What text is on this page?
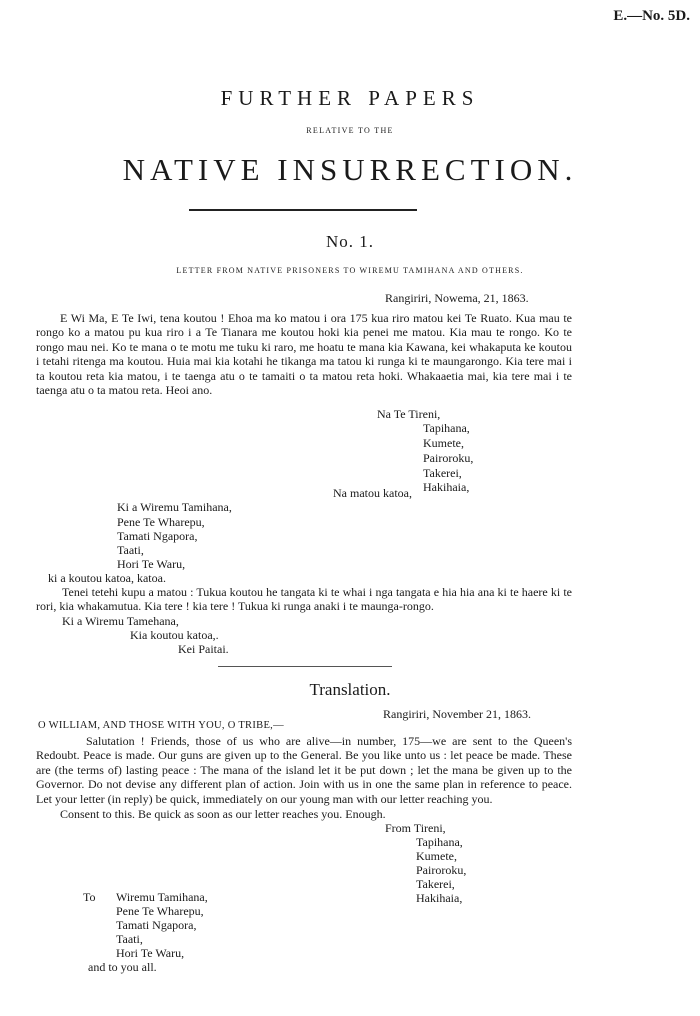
E.—No. 5D.
FURTHER PAPERS
RELATIVE TO THE
NATIVE INSURRECTION.
No. 1.
LETTER FROM NATIVE PRISONERS TO WIREMU TAMIHANA AND OTHERS.
Rangiriri, Nowema, 21, 1863.
E Wi Ma, E Te Iwi, tena koutou ! Ehoa ma ko matou i ora 175 kua riro matou kei Te Ruato. Kua mau te rongo ko a matou pu kua riro i a Te Tianara me koutou hoki kia penei me matou. Kia mau te rongo. Ko te rongo mau nei. Ko te mana o te motu me tuku ki raro, me hoatu te mana kia Kawana, kei whakaputa ke koutou i tetahi ritenga ma koutou. Huia mai kia kotahi he tikanga ma tatou ki runga ki te maungarongo. Kia tere mai i ta koutou reta kia matou, i te taenga atu o te tamaiti o ta matou reta hoki. Whakaaetia mai, kia tere mai i te taenga atu o ta matou reta. Heoi ano.
Na Te Tireni,
Tapihana,
Kumete,
Pairoroku,
Takerei,
Hakihaia,
Na matou katoa,
Ki a Wiremu Tamihana,
Pene Te Wharepu,
Tamati Ngapora,
Taati,
Hori Te Waru,
ki a koutou katoa, katoa.
Tenei tetehi kupu a matou : Tukua koutou he tangata ki te whai i nga tangata e hia hia ana ki te haere ki te rori, kia whakamutua. Kia tere ! kia tere ! Tukua ki runga anaki i te maunga-rongo.
Ki a Wiremu Tamehana,
Kia koutou katoa,.
Kei Paitai.
Translation.
Rangiriri, November 21, 1863.
O WILLIAM, AND THOSE WITH YOU, O TRIBE,—
Salutation ! Friends, those of us who are alive—in number, 175—we are sent to the Queen's Redoubt. Peace is made. Our guns are given up to the General. Be you like unto us : let peace be made. These are (the terms of) lasting peace : The mana of the island let it be put down ; let the mana be given up to the Governor. Do not devise any different plan of action. Join with us in one the same plan in reference to peace. Let your letter (in reply) be quick, immediately on our young man with our letter reaching you.
Consent to this. Be quick as soon as our letter reaches you. Enough.
From Tireni,
Tapihana,
Kumete,
Pairoroku,
Takerei,
Hakihaia,
To Wiremu Tamihana,
Pene Te Wharepu,
Tamati Ngapora,
Taati,
Hori Te Waru,
and to you all.
